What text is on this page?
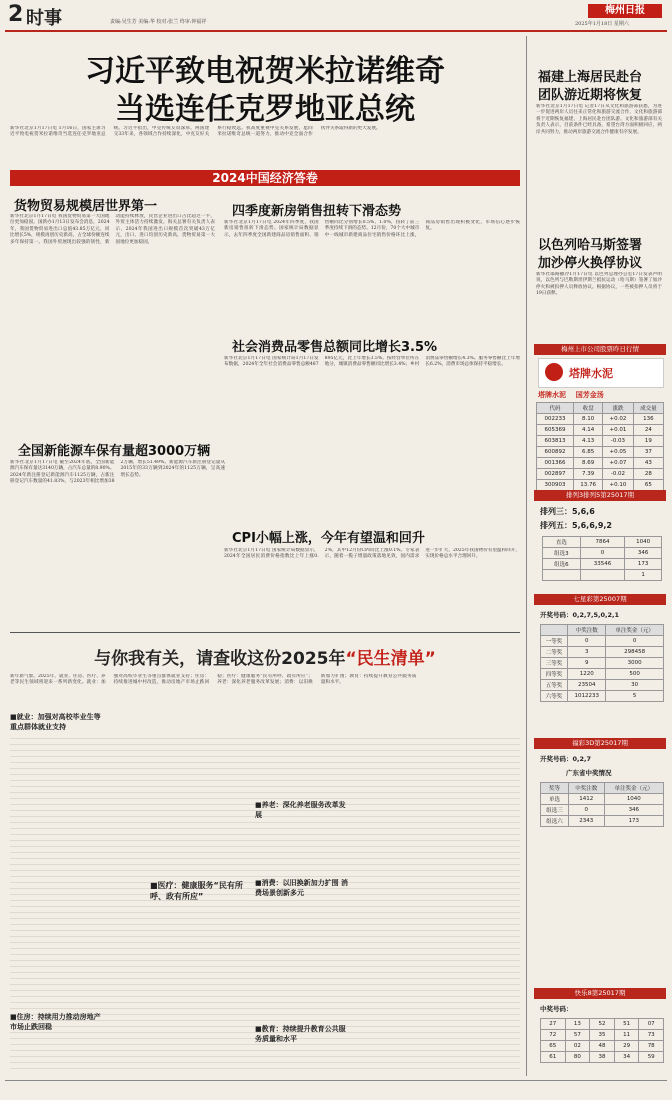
2 时事	责编:吴生芳 美编:华 校对:张兰 终审:钟福祥
梅州日报
2025年1月18日 星期六
习近平致电祝贺米拉诺维奇
当选连任克罗地亚总统
新华社北京1月17日电 1月16日，国家主席习近平致电祝贺米拉诺维奇当选连任克罗地亚总统。习近平指出，中克传统友谊深厚。两国建交33年来，各领域合作持续深化，中克友好关系行稳致远。我高度重视中克关系发展，愿同米拉诺维奇总统一道努力，推动中克全面合作伙伴关系取得新的更大发展。
2024中国经济答卷
货物贸易规模居世界第一
新华社北京1月17日电 我国货物贸易第一大国地位更加稳固。国新办1月13日发布会消息，2024年，我国货物贸易进出口总值43.85万亿元，同比增长5%，规模再创历史新高，占全球份额连续多年保持第一。我国外贸展现出较强的韧性，新动能持续释放，民营企业进出口占比超过一半，外贸主体活力持续激发。海关总署有关负责人表示，2024年我国进出口规模首次突破43万亿元，出口、进口均创历史新高，货物贸易第一大国地位更加稳固。
四季度新房销售扭转下滑态势
新华社北京1月17日电 2024年四季度，我国新房销售扭转下滑态势。国家统计局数据显示，去年四季度全国新建商品房销售面积、销售额同比分别增长0.5%、1.0%，扭转了前三季度持续下滑的态势。12月份，70个大中城市中一线城市新建商品住宅销售价格环比上涨，商品房销售出现积极变化，市场信心逐步恢复。
社会消费品零售总额同比增长3.5%
新华社北京1月17日电 国家统计局1月17日发布数据，2024年全年社会消费品零售总额487895亿元，比上年增长3.5%。按经营单位所在地分，城镇消费品零售额同比增长3.4%；乡村消费品零售额增长4.3%。服务零售额比上年增长6.2%，消费市场总体保持平稳增长。
全国新能源车保有量超3000万辆
新华社北京1月17日电 截至2024年底，全国新能源汽车保有量达3140万辆，占汽车总量的8.90%。2024年新注册登记新能源汽车1125万辆，占新注册登记汽车数量的41.83%，与2023年相比增加382万辆，增长51.49%。新能源汽车新注册登记量从2015年的33万辆到2024年的1125万辆，呈高速增长态势。
CPI小幅上涨，今年有望温和回升
新华社北京1月17日电 国家统计局数据显示，2024年全国居民消费价格指数比上年上涨0.2%，其中12月份CPI同比上涨0.1%。专家表示，随着一揽子增量政策落地见效，国内需求进一步扩大，2025年我国物价有望温和回升，实现价格总水平合理回升。
与你我有关，请查收这份2025年“民生清单”
新年新气象。2025年，就业、住房、医疗、养老等民生领域将迎来一系列新变化。就业：加强对高校毕业生等重点群体就业支持；住房：持续推进城中村改造，推动房地产市场止跌回稳；医疗：健康服务“民有所呼、政有所应”；养老：深化养老服务改革发展；消费：以旧换新加力扩围；教育：持续提升教育公共服务质量和水平。
■就业：加强对高校毕业生等重点群体就业支持
■住房：持续用力推动房地产市场止跌回稳
■医疗：健康服务“民有所呼、政有所应”
■养老：深化养老服务改革发展
■消费：以旧换新加力扩围 消费场景创新多元
■教育：持续提升教育公共服务质量和水平
福建上海居民赴台
团队游近期将恢复
新华社北京1月17日电 记者17日从文化和旅游部获悉，为进一步促进两岸人员往来正常化和旅游交流合作，文化和旅游部将于近期恢复福建、上海居民赴台团队游。文化和旅游部有关负责人表示，目前条件已经具备，希望台湾方面积极回应，两岸共同努力，推动两岸旅游交流合作健康有序发展。
以色列哈马斯签署
加沙停火换俘协议
新华社耶路撒冷1月17日电 以色列总理办公室17日发表声明说，以色列与巴勒斯坦伊斯兰抵抗运动（哈马斯）签署了加沙停火和被扣押人员释放协议。根据协议，一些被扣押人员将于19日获释。
梅州上市公司股票昨日行情
塔牌水泥
塔牌水泥 国芳金汤
代码	收盘	涨跌	成交量
002233	8.10	+0.02	136
605369	4.14	+0.01	24
603813	4.13	-0.03	19
600892	6.85	+0.05	37
001366	8.69	+0.07	43
002897	7.39	-0.02	28
300903	13.76	+0.10	65
排列3排列5第25017期
排列三：5,6,6
排列五：5,6,6,9,2
直选	7864	1040
组选3	0	346
组选6	33546	173
		1
七星彩第25007期
开奖号码：0,2,7,5,0,2,1
	中奖注数	单注奖金（元）
一等奖	0	0
二等奖	3	298458
三等奖	9	3000
四等奖	1220	500
五等奖	23504	30
六等奖	1012233	5
福彩3D第25017期
开奖号码：0,2,7
广东省中奖情况
奖等	中奖注数	单注奖金（元）
单选	1412	1040
组选三	0	346
组选六	2343	173
快乐8第25017期
中奖号码：
27	13	52	51	07
72	57	35	11	73
65	02	48	29	78
61	80	38	34	59
